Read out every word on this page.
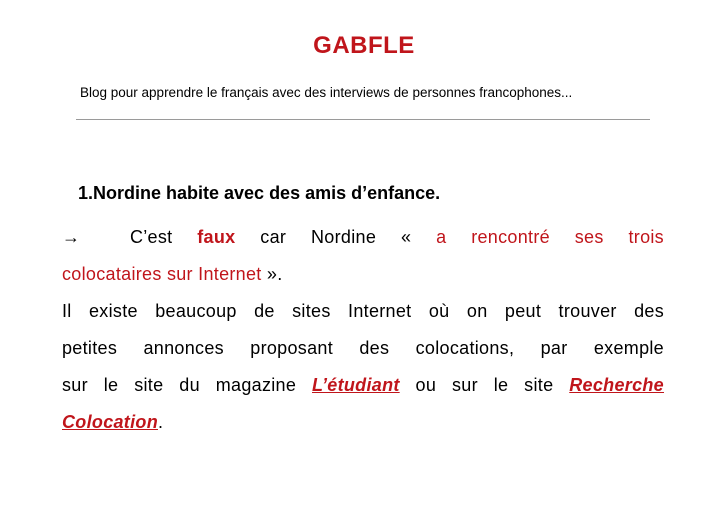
GABFLE
Blog pour apprendre le français avec des interviews de personnes francophones...
1.Nordine habite avec des amis d’enfance.
→	C’est faux car Nordine « a rencontré ses trois
colocataires sur Internet ».
Il existe beaucoup de sites Internet où on peut trouver des
petites annonces proposant des colocations, par exemple
sur le site du magazine L’étudiant ou sur le site Recherche
Colocation.
